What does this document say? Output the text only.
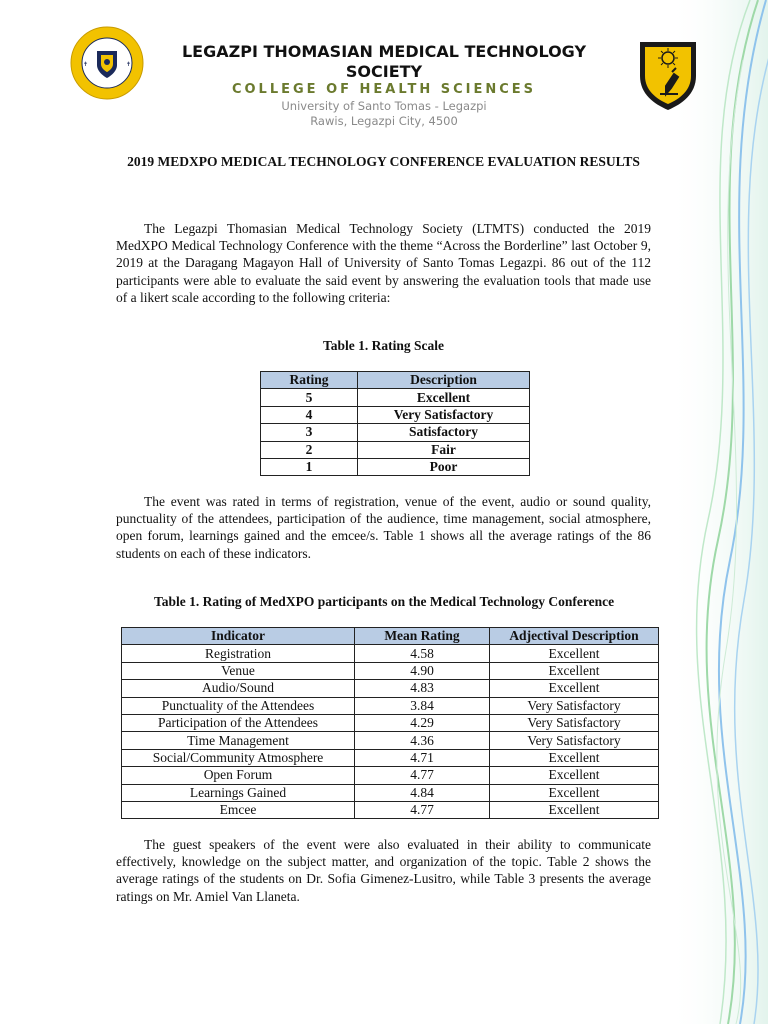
✝	✝
LEGAZPI THOMASIAN MEDICAL TECHNOLOGY SOCIETY
COLLEGE OF HEALTH SCIENCES
University of Santo Tomas - Legazpi
Rawis, Legazpi City, 4500
2019 MEDXPO MEDICAL TECHNOLOGY CONFERENCE EVALUATION RESULTS

The Legazpi Thomasian Medical Technology Society (LTMTS) conducted the 2019 MedXPO Medical Technology Conference with the theme “Across the Borderline” last October 9, 2019 at the Daragang Magayon Hall of University of Santo Tomas Legazpi. 86 out of the 112 participants were able to evaluate the said event by answering the evaluation tools that made use of a likert scale according to the following criteria:

Table 1. Rating Scale
Rating	Description
5	Excellent
4	Very Satisfactory
3	Satisfactory
2	Fair
1	Poor

The event was rated in terms of registration, venue of the event, audio or sound quality, punctuality of the attendees, participation of the audience, time management, social atmosphere, open forum, learnings gained and the emcee/s. Table 1 shows all the average ratings of the 86 students on each of these indicators.

Table 1. Rating of MedXPO participants on the Medical Technology Conference
Indicator	Mean Rating	Adjectival Description
Registration	4.58	Excellent
Venue	4.90	Excellent
Audio/Sound	4.83	Excellent
Punctuality of the Attendees	3.84	Very Satisfactory
Participation of the Attendees	4.29	Very Satisfactory
Time Management	4.36	Very Satisfactory
Social/Community Atmosphere	4.71	Excellent
Open Forum	4.77	Excellent
Learnings Gained	4.84	Excellent
Emcee	4.77	Excellent

The guest speakers of the event were also evaluated in their ability to communicate effectively, knowledge on the subject matter, and organization of the topic. Table 2 shows the average ratings of the students on Dr. Sofia Gimenez-Lusitro, while Table 3 presents the average ratings on Mr. Amiel Van Llaneta.
